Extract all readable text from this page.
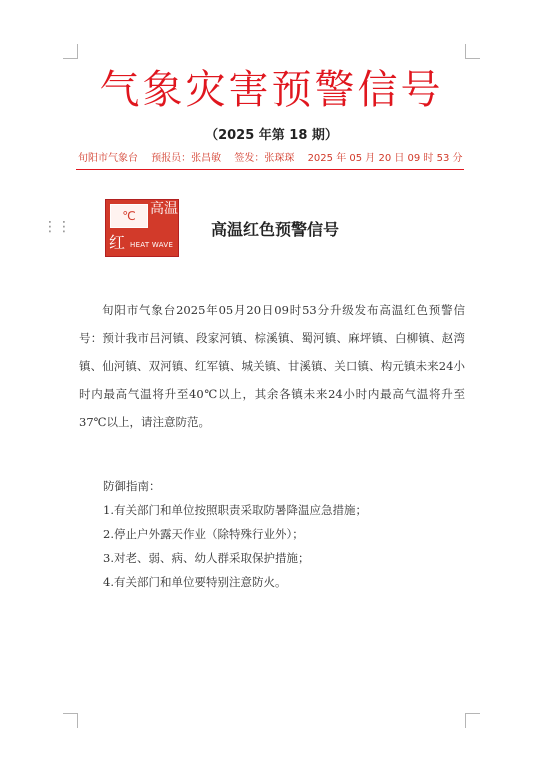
气象灾害预警信号
（2025 年第 18 期）
旬阳市气象台 预报员：张昌敏 签发：张琛琛 2025 年 05 月 20 日 09 时 53 分
⋮⋮
℃	高温
红 HEAT WAVE
高温红色预警信号
旬阳市气象台2025年05月20日09时53分升级发布高温红色预警信号：预计我市吕河镇、段家河镇、棕溪镇、蜀河镇、麻坪镇、白柳镇、赵湾镇、仙河镇、双河镇、红军镇、城关镇、甘溪镇、关口镇、构元镇未来24小时内最高气温将升至40℃以上，其余各镇未来24小时内最高气温将升至37℃以上，请注意防范。
防御指南：
1.有关部门和单位按照职责采取防暑降温应急措施；
2.停止户外露天作业（除特殊行业外）；
3.对老、弱、病、幼人群采取保护措施；
4.有关部门和单位要特别注意防火。
